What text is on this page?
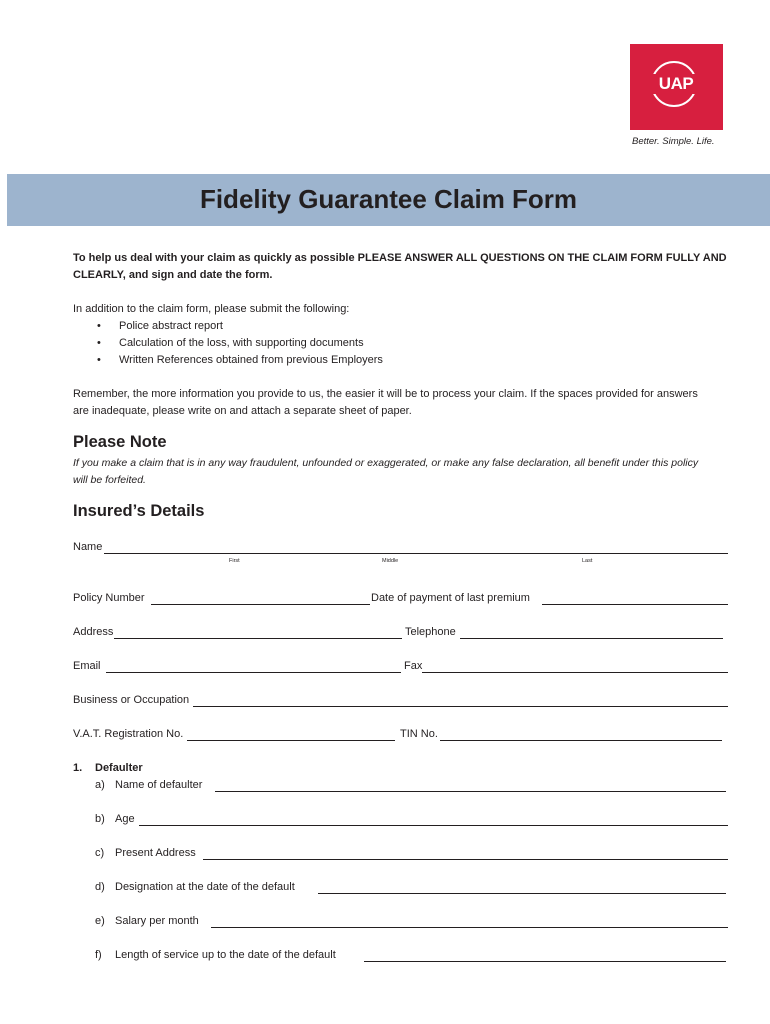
UAP
Better. Simple. Life.
Fidelity Guarantee Claim Form
To help us deal with your claim as quickly as possible PLEASE ANSWER ALL QUESTIONS ON THE CLAIM FORM FULLY AND
CLEARLY, and sign and date the form.
In addition to the claim form, please submit the following:
• Police abstract report
• Calculation of the loss, with supporting documents
• Written References obtained from previous Employers
Remember, the more information you provide to us, the easier it will be to process your claim. If the spaces provided for answers
are inadequate, please write on and attach a separate sheet of paper.
Please Note
If you make a claim that is in any way fraudulent, unfounded or exaggerated, or make any false declaration, all benefit under this policy
will be forfeited.
Insured’s Details
Name
First	Middle	Last
Policy Number	Date of payment of last premium
Address	Telephone
Email	Fax
Business or Occupation
V.A.T. Registration No.	TIN No.
1. Defaulter
a) Name of defaulter
b) Age
c) Present Address
d) Designation at the date of the default
e) Salary per month
f) Length of service up to the date of the default
